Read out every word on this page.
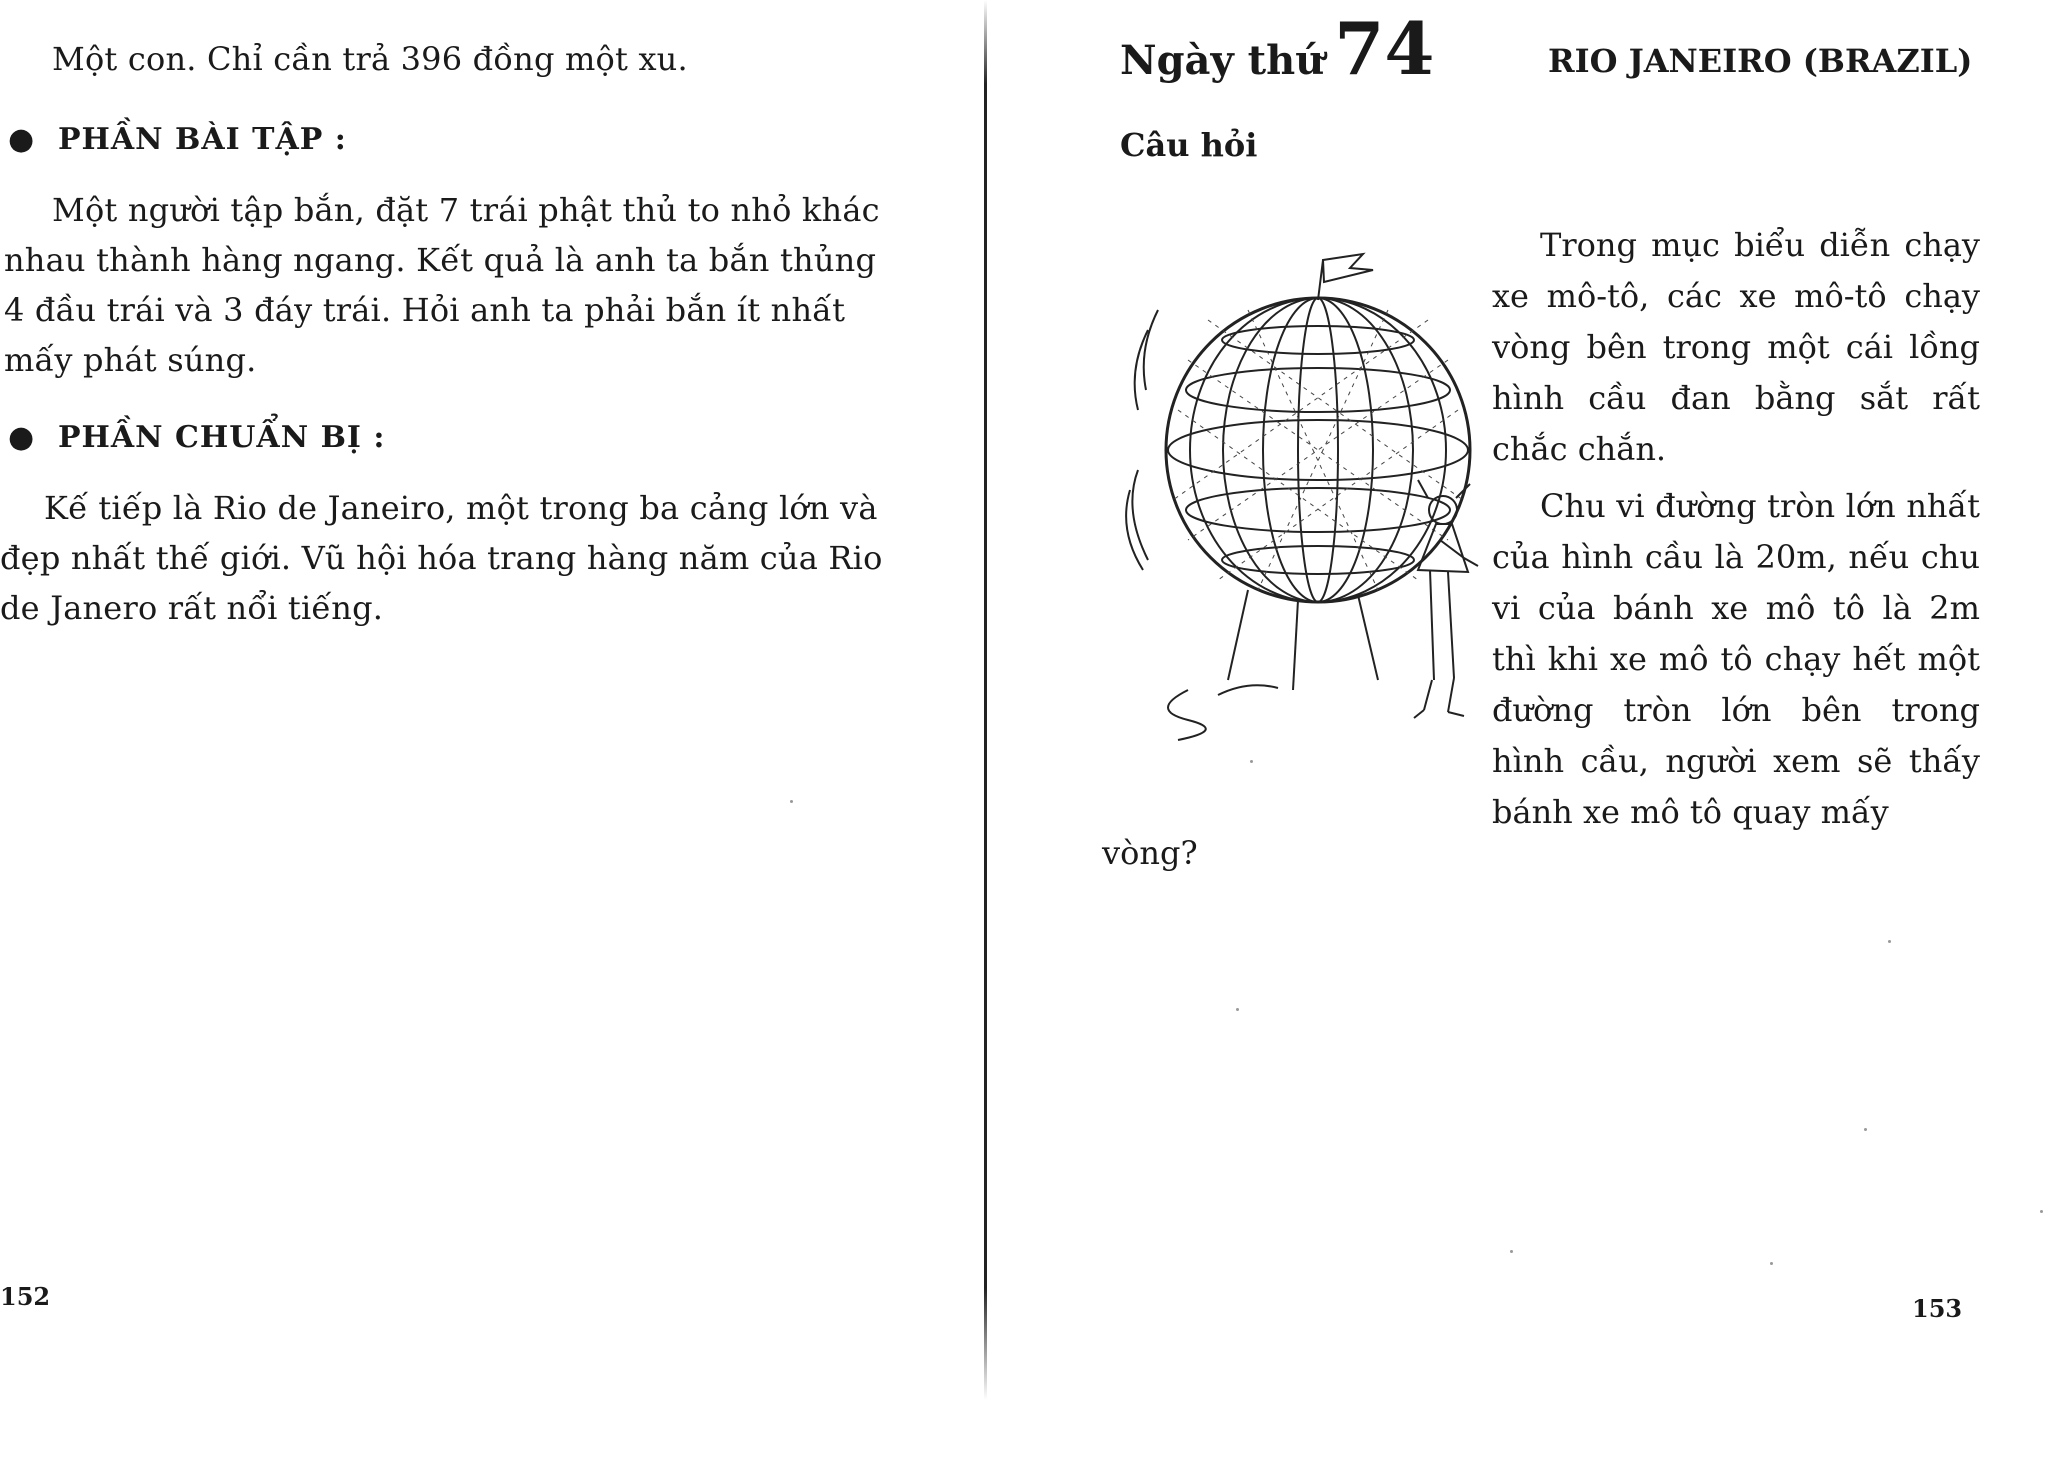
Một con. Chỉ cần trả 396 đồng một xu.

● PHẦN BÀI TẬP :

Một người tập bắn, đặt 7 trái phật thủ to nhỏ khác

nhau thành hàng ngang. Kết quả là anh ta bắn thủng

4 đầu trái và 3 đáy trái. Hỏi anh ta phải bắn ít nhất

mấy phát súng.

● PHẦN CHUẨN BỊ :

Kế tiếp là Rio de Janeiro, một trong ba cảng lớn và

đẹp nhất thế giới. Vũ hội hóa trang hàng năm của Rio

de Janero rất nổi tiếng.

152
Ngày thứ 74	RIO JANEIRO (BRAZIL)
Câu hỏi

Trong mục biểu diễn chạy xe mô-tô, các xe mô-tô chạy vòng bên trong một cái lồng hình cầu đan bằng sắt rất chắc chắn.

Chu vi đường tròn lớn nhất của hình cầu là 20m, nếu chu vi của bánh xe mô tô là 2m thì khi xe mô tô chạy hết một đường tròn lớn bên trong hình cầu, người xem sẽ thấy bánh xe mô tô quay mấy

vòng?
153
